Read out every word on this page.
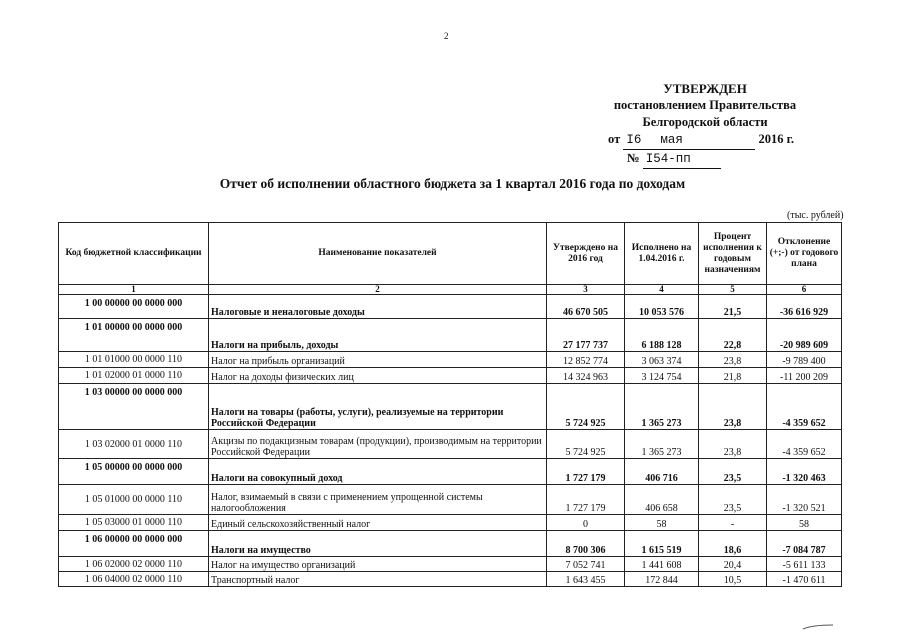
2
УТВЕРЖДЕН
постановлением Правительства
Белгородской области
от I6 мая	2016 г.
№ I54-пп
Отчет об исполнении областного бюджета за 1 квартал 2016 года по доходам
(тыс. рублей)
Код бюджетной классификации	Наименование показателей	Утверждено на 2016 год	Исполнено на 1.04.2016 г.	Процент исполнения к годовым назначениям	Отклонение (+;-) от годового плана
1	2	3	4	5	6
1 00 00000 00 0000 000	Налоговые и неналоговые доходы	46 670 505	10 053 576	21,5	-36 616 929
1 01 00000 00 0000 000	Налоги на прибыль, доходы	27 177 737	6 188 128	22,8	-20 989 609
1 01 01000 00 0000 110	Налог на прибыль организаций	12 852 774	3 063 374	23,8	-9 789 400
1 01 02000 01 0000 110	Налог на доходы физических лиц	14 324 963	3 124 754	21,8	-11 200 209
1 03 00000 00 0000 000	Налоги на товары (работы, услуги), реализуемые на территории Российской Федерации	5 724 925	1 365 273	23,8	-4 359 652
1 03 02000 01 0000 110	Акцизы по подакцизным товарам (продукции), производимым на территории Российской Федерации	5 724 925	1 365 273	23,8	-4 359 652
1 05 00000 00 0000 000	Налоги на совокупный доход	1 727 179	406 716	23,5	-1 320 463
1 05 01000 00 0000 110	Налог, взимаемый в связи с применением упрощенной системы налогообложения	1 727 179	406 658	23,5	-1 320 521
1 05 03000 01 0000 110	Единый сельскохозяйственный налог	0	58	-	58
1 06 00000 00 0000 000	Налоги на имущество	8 700 306	1 615 519	18,6	-7 084 787
1 06 02000 02 0000 110	Налог на имущество организаций	7 052 741	1 441 608	20,4	-5 611 133
1 06 04000 02 0000 110	Транспортный налог	1 643 455	172 844	10,5	-1 470 611
